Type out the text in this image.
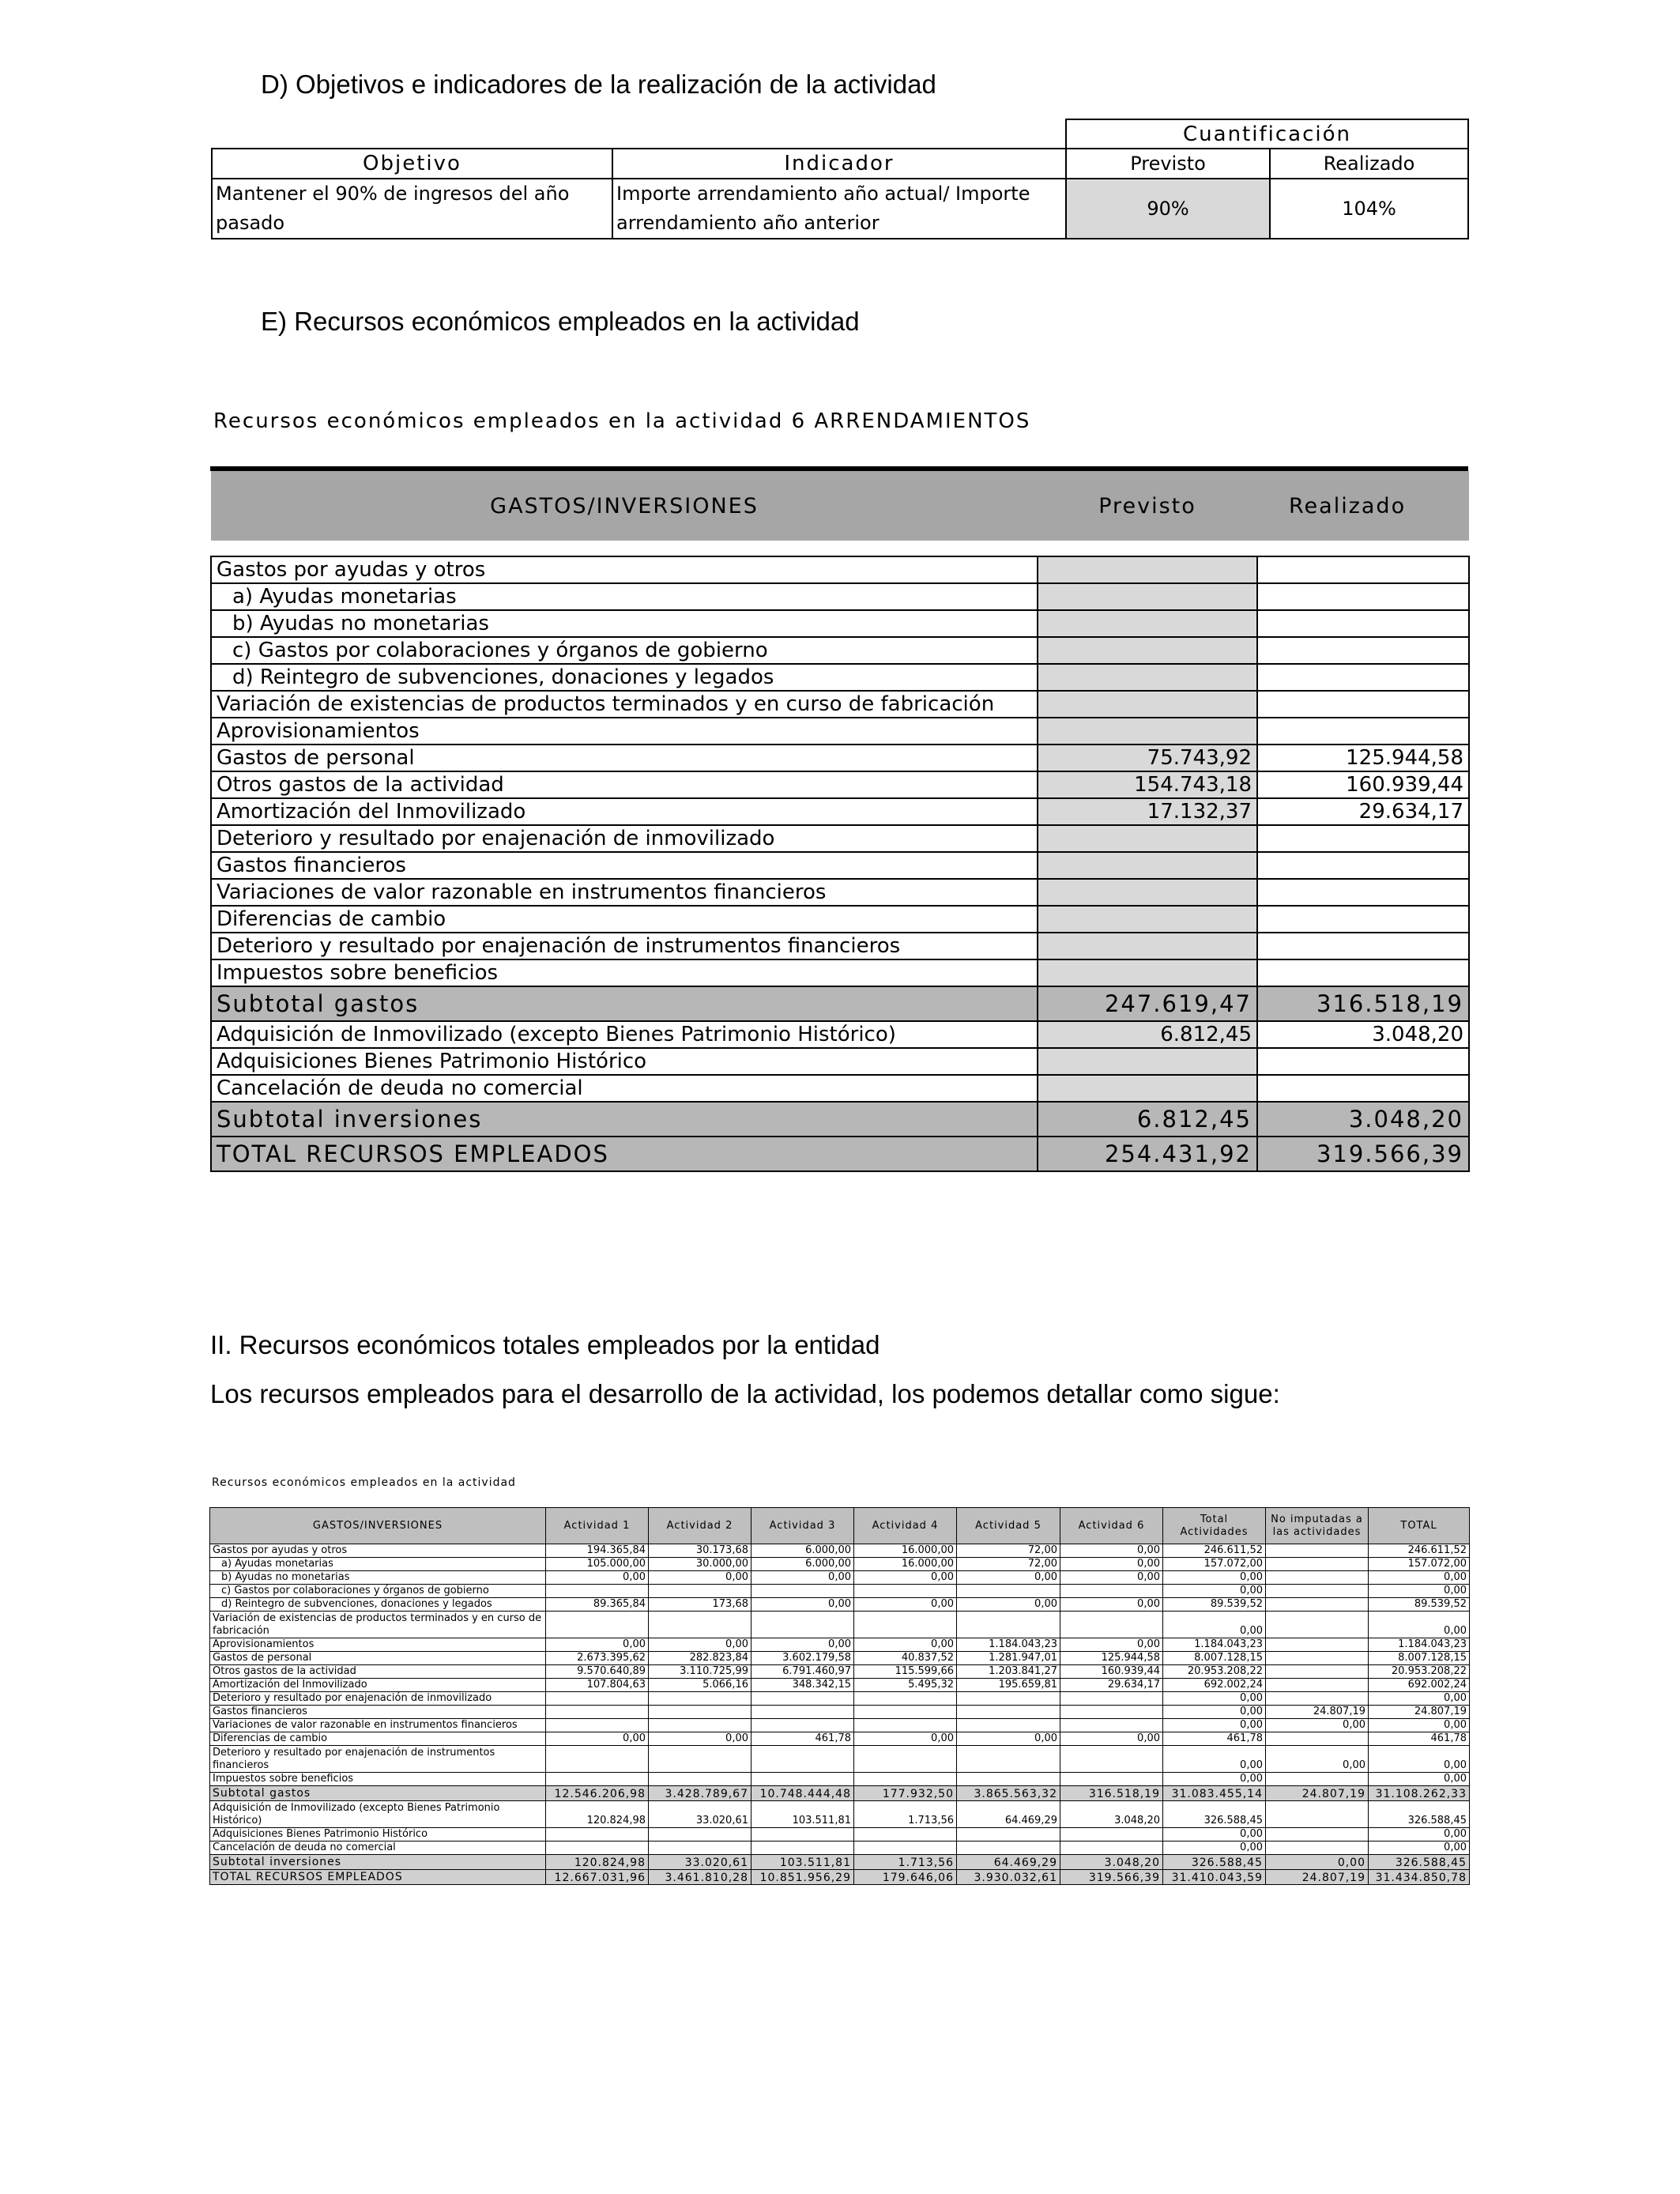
D) Objetivos e indicadores de la realización de la actividad
		Cuantificación	
Objetivo	Indicador	Previsto	Realizado
Mantener el 90% de ingresos del año pasado	Importe arrendamiento año actual/ Importe arrendamiento año anterior	90%	104%
E) Recursos económicos empleados en la actividad
Recursos económicos empleados en la actividad 6 ARRENDAMIENTOS
GASTOS/INVERSIONES	Previsto	Realizado

Gastos por ayudas y otros		
a) Ayudas monetarias		
b) Ayudas no monetarias		
c) Gastos por colaboraciones y órganos de gobierno		
d) Reintegro de subvenciones, donaciones y legados		
Variación de existencias de productos terminados y en curso de fabricación		
Aprovisionamientos		
Gastos de personal	75.743,92	125.944,58
Otros gastos de la actividad	154.743,18	160.939,44
Amortización del Inmovilizado	17.132,37	29.634,17
Deterioro y resultado por enajenación de inmovilizado		
Gastos financieros		
Variaciones de valor razonable en instrumentos financieros		
Diferencias de cambio		
Deterioro y resultado por enajenación de instrumentos financieros		
Impuestos sobre beneficios		
Subtotal gastos	247.619,47	316.518,19
Adquisición de Inmovilizado (excepto Bienes Patrimonio Histórico)	6.812,45	3.048,20
Adquisiciones Bienes Patrimonio Histórico		
Cancelación de deuda no comercial		
Subtotal inversiones	6.812,45	3.048,20
TOTAL RECURSOS EMPLEADOS	254.431,92	319.566,39
II. Recursos económicos totales empleados por la entidad
Los recursos empleados para el desarrollo de la actividad, los podemos detallar como sigue:
Recursos económicos empleados en la actividad
GASTOS/INVERSIONES	Actividad 1	Actividad 2	Actividad 3	Actividad 4	Actividad 5	Actividad 6	Total Actividades	No imputadas a las actividades	TOTAL
Gastos por ayudas y otros	194.365,84	30.173,68	6.000,00	16.000,00	72,00	0,00	246.611,52		246.611,52
a) Ayudas monetarias	105.000,00	30.000,00	6.000,00	16.000,00	72,00	0,00	157.072,00		157.072,00
b) Ayudas no monetarias	0,00	0,00	0,00	0,00	0,00	0,00	0,00		0,00
c) Gastos por colaboraciones y órganos de gobierno							0,00		0,00
d) Reintegro de subvenciones, donaciones y legados	89.365,84	173,68	0,00	0,00	0,00	0,00	89.539,52		89.539,52
Variación de existencias de productos terminados y en curso de fabricación							0,00		0,00
Aprovisionamientos	0,00	0,00	0,00	0,00	1.184.043,23	0,00	1.184.043,23		1.184.043,23
Gastos de personal	2.673.395,62	282.823,84	3.602.179,58	40.837,52	1.281.947,01	125.944,58	8.007.128,15		8.007.128,15
Otros gastos de la actividad	9.570.640,89	3.110.725,99	6.791.460,97	115.599,66	1.203.841,27	160.939,44	20.953.208,22		20.953.208,22
Amortización del Inmovilizado	107.804,63	5.066,16	348.342,15	5.495,32	195.659,81	29.634,17	692.002,24		692.002,24
Deterioro y resultado por enajenación de inmovilizado							0,00		0,00
Gastos financieros							0,00	24.807,19	24.807,19
Variaciones de valor razonable en instrumentos financieros							0,00	0,00	0,00
Diferencias de cambio	0,00	0,00	461,78	0,00	0,00	0,00	461,78		461,78
Deterioro y resultado por enajenación de instrumentos financieros							0,00	0,00	0,00
Impuestos sobre beneficios							0,00		0,00
Subtotal gastos	12.546.206,98	3.428.789,67	10.748.444,48	177.932,50	3.865.563,32	316.518,19	31.083.455,14	24.807,19	31.108.262,33
Adquisición de Inmovilizado (excepto Bienes Patrimonio Histórico)	120.824,98	33.020,61	103.511,81	1.713,56	64.469,29	3.048,20	326.588,45		326.588,45
Adquisiciones Bienes Patrimonio Histórico							0,00		0,00
Cancelación de deuda no comercial							0,00		0,00
Subtotal inversiones	120.824,98	33.020,61	103.511,81	1.713,56	64.469,29	3.048,20	326.588,45	0,00	326.588,45
TOTAL RECURSOS EMPLEADOS	12.667.031,96	3.461.810,28	10.851.956,29	179.646,06	3.930.032,61	319.566,39	31.410.043,59	24.807,19	31.434.850,78
